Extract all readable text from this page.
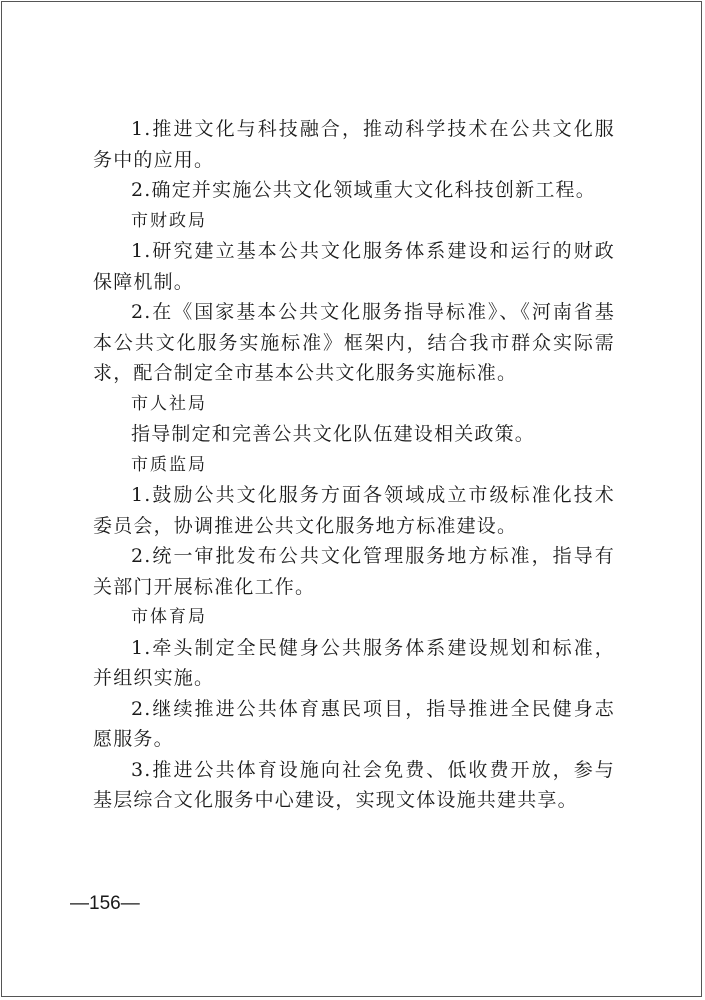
1.推进文化与科技融合，推动科学技术在公共文化服务中的应用。

2.确定并实施公共文化领域重大文化科技创新工程。

市财政局

1.研究建立基本公共文化服务体系建设和运行的财政保障机制。

2.在《国家基本公共文化服务指导标准》、《河南省基本公共文化服务实施标准》框架内，结合我市群众实际需求，配合制定全市基本公共文化服务实施标准。

市人社局

指导制定和完善公共文化队伍建设相关政策。

市质监局

1.鼓励公共文化服务方面各领域成立市级标准化技术委员会，协调推进公共文化服务地方标准建设。

2.统一审批发布公共文化管理服务地方标准，指导有关部门开展标准化工作。

市体育局

1.牵头制定全民健身公共服务体系建设规划和标准，并组织实施。

2.继续推进公共体育惠民项目，指导推进全民健身志愿服务。

3.推进公共体育设施向社会免费、低收费开放，参与基层综合文化服务中心建设，实现文体设施共建共享。

—156—
